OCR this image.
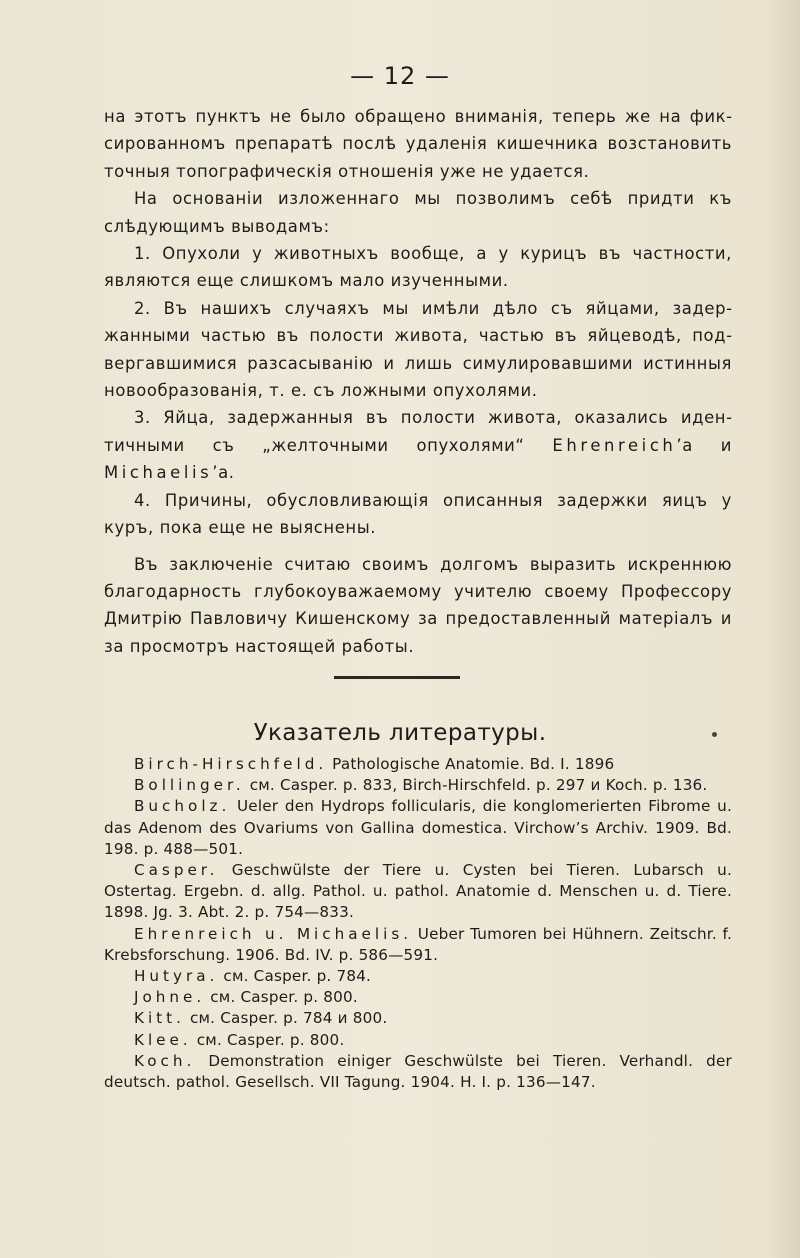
— 12 —

на этотъ пунктъ не было обращено вниманія, теперь же на фиксированномъ препаратѣ послѣ удаленія кишечника возстановить точныя топографическія отношенія уже не удается.

На основаніи изложеннаго мы позволимъ себѣ придти къ слѣдующимъ выводамъ:

1. Опухоли у животныхъ вообще, а у курицъ въ частности, являются еще слишкомъ мало изученными.

2. Въ нашихъ случаяхъ мы имѣли дѣло съ яйцами, задержанными частью въ полости живота, частью въ яйцеводѣ, подвергавшимися разсасыванію и лишь симулировавшими истинныя новообразованія, т. е. съ ложными опухолями.

3. Яйца, задержанныя въ полости живота, оказались идентичными съ „желточными опухолями“ Ehrenreich’а и Michaelis’а.

4. Причины, обусловливающія описанныя задержки яицъ у куръ, пока еще не выяснены.

Въ заключеніе считаю своимъ долгомъ выразить искреннюю благодарность глубокоуважаемому учителю своему Профессору Дмитрію Павловичу Кишенскому за предоставленный матеріалъ и за просмотръ настоящей работы.

Указатель литературы.

Birch-Hirschfeld. Pathologische Anatomie. Bd. I. 1896

Bollinger. см. Casper. p. 833, Birch-Hirschfeld. p. 297 и Koch. p. 136.

Bucholz. Ueler den Hydrops follicularis, die konglomerierten Fibrome u. das Adenom des Ovariums von Gallina domestica. Virchow’s Archiv. 1909. Bd. 198. p. 488—501.

Casper. Geschwülste der Tiere u. Cysten bei Tieren. Lubarsch u. Ostertag. Ergebn. d. allg. Pathol. u. pathol. Anatomie d. Menschen u. d. Tiere. 1898. Jg. 3. Abt. 2. p. 754—833.

Ehrenreich u. Michaelis. Ueber Tumoren bei Hühnern. Zeitschr. f. Krebsforschung. 1906. Bd. IV. p. 586—591.

Hutyra. см. Casper. p. 784.

Johne. см. Casper. p. 800.

Kitt. см. Casper. p. 784 и 800.

Klee. см. Casper. p. 800.

Koch. Demonstration einiger Geschwülste bei Tieren. Verhandl. der deutsch. pathol. Gesellsch. VII Tagung. 1904. H. I. p. 136—147.
